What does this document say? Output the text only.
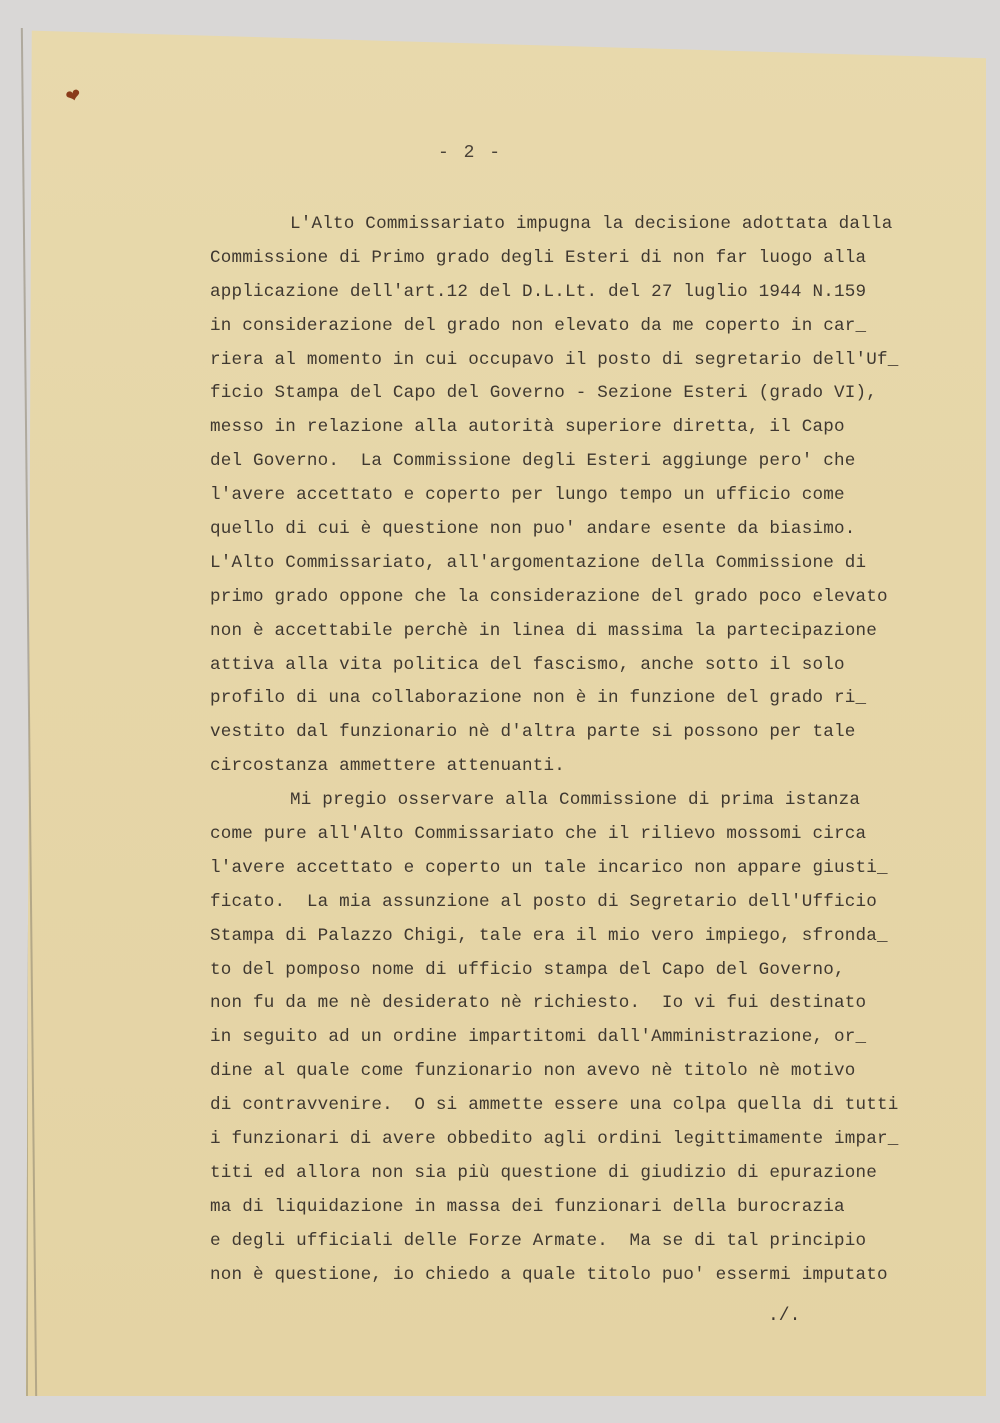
❤
- 2 -
L'Alto Commissariato impugna la decisione adottata dalla
Commissione di Primo grado degli Esteri di non far luogo alla
applicazione dell'art.12 del D.L.Lt. del 27 luglio 1944 N.159
in considerazione del grado non elevato da me coperto in car_
riera al momento in cui occupavo il posto di segretario dell'Uf_
ficio Stampa del Capo del Governo - Sezione Esteri (grado VI),
messo in relazione alla autorità superiore diretta, il Capo
del Governo.  La Commissione degli Esteri aggiunge pero' che
l'avere accettato e coperto per lungo tempo un ufficio come
quello di cui è questione non puo' andare esente da biasimo.
L'Alto Commissariato, all'argomentazione della Commissione di
primo grado oppone che la considerazione del grado poco elevato
non è accettabile perchè in linea di massima la partecipazione
attiva alla vita politica del fascismo, anche sotto il solo
profilo di una collaborazione non è in funzione del grado ri_
vestito dal funzionario nè d'altra parte si possono per tale
circostanza ammettere attenuanti.
Mi pregio osservare alla Commissione di prima istanza
come pure all'Alto Commissariato che il rilievo mossomi circa
l'avere accettato e coperto un tale incarico non appare giusti_
ficato.  La mia assunzione al posto di Segretario dell'Ufficio
Stampa di Palazzo Chigi, tale era il mio vero impiego, sfronda_
to del pomposo nome di ufficio stampa del Capo del Governo,
non fu da me nè desiderato nè richiesto.  Io vi fui destinato
in seguito ad un ordine impartitomi dall'Amministrazione, or_
dine al quale come funzionario non avevo nè titolo nè motivo
di contravvenire.  O si ammette essere una colpa quella di tutti
i funzionari di avere obbedito agli ordini legittimamente impar_
titi ed allora non sia più questione di giudizio di epurazione
ma di liquidazione in massa dei funzionari della burocrazia
e degli ufficiali delle Forze Armate.  Ma se di tal principio
non è questione, io chiedo a quale titolo puo' essermi imputato
./.
